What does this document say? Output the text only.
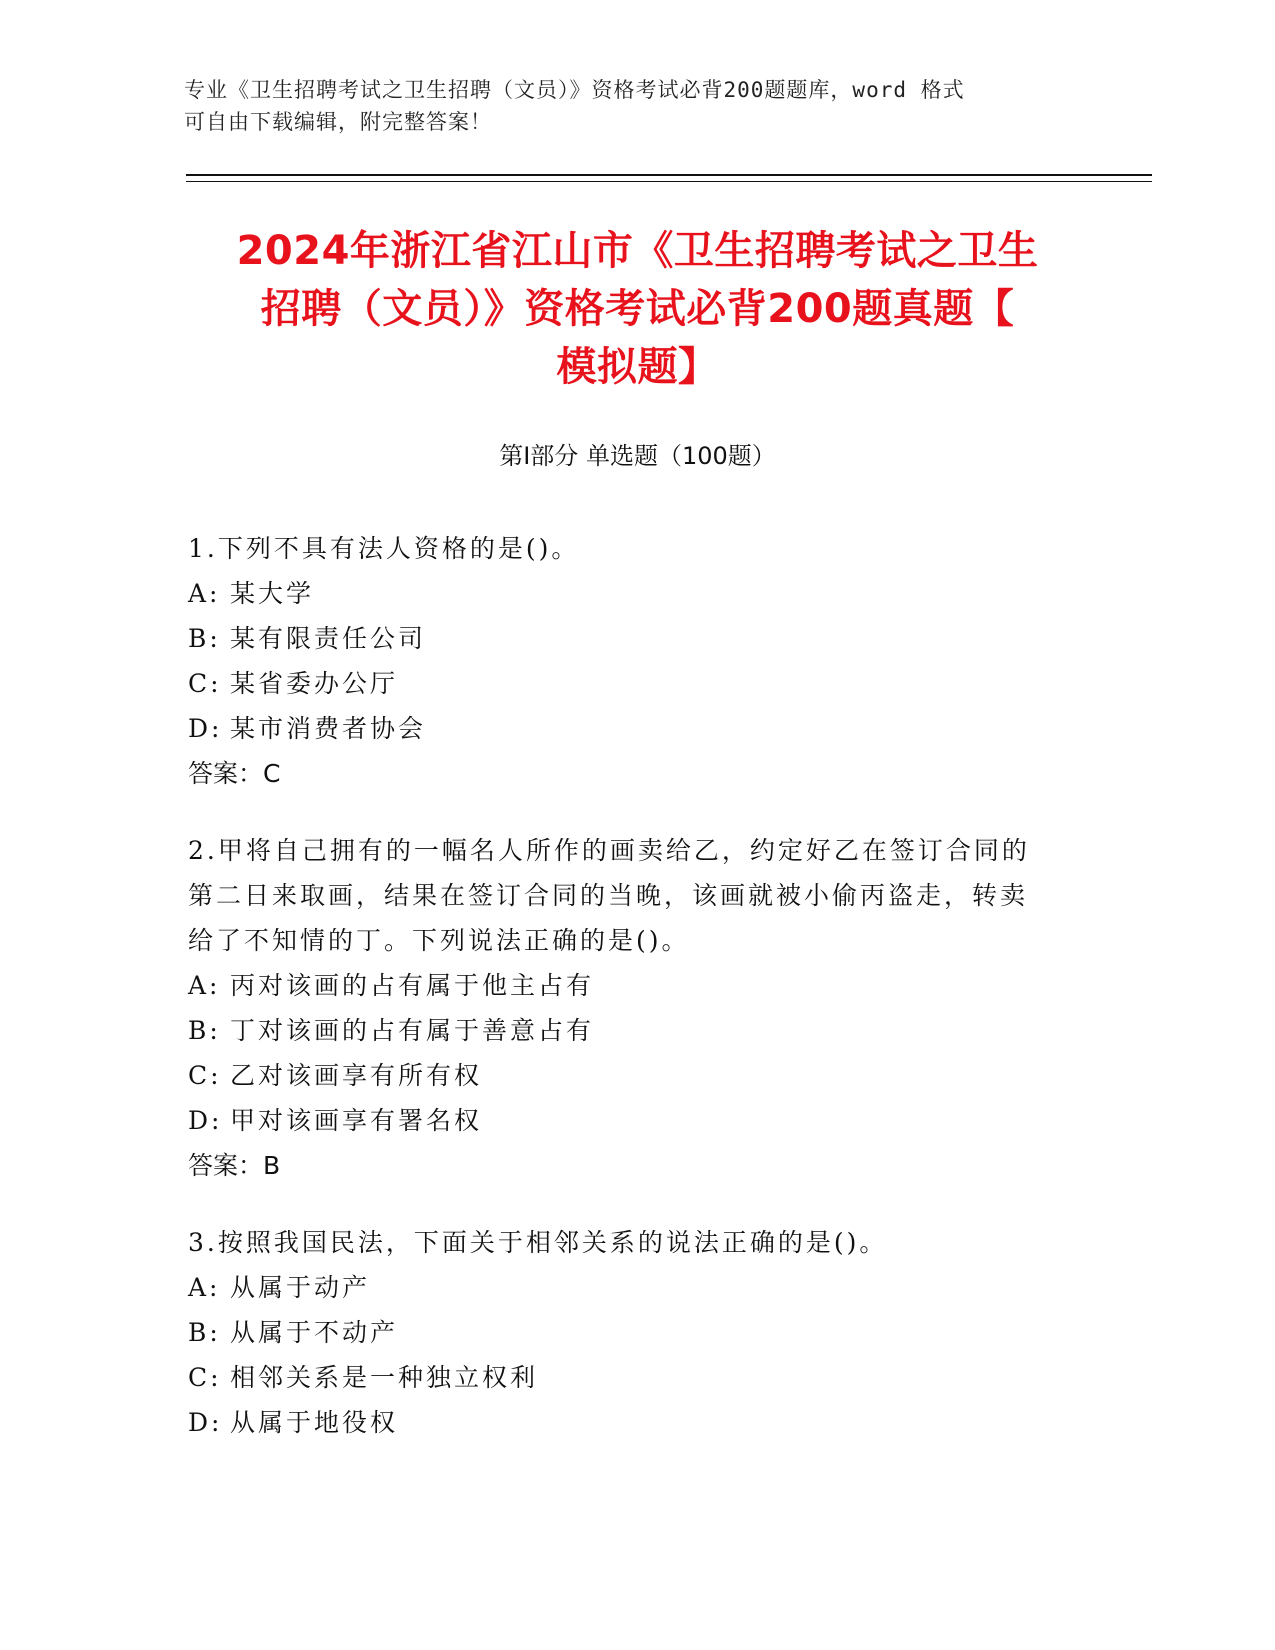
专业《卫生招聘考试之卫生招聘（文员）》资格考试必背200题题库，word 格式
可自由下载编辑，附完整答案！
2024年浙江省江山市《卫生招聘考试之卫生
招聘（文员）》资格考试必背200题真题【
模拟题】
第Ⅰ部分 单选题（100题）
1.下列不具有法人资格的是()。
A: 某大学
B: 某有限责任公司
C: 某省委办公厅
D: 某市消费者协会
答案：C
2.甲将自己拥有的一幅名人所作的画卖给乙，约定好乙在签订合同的
第二日来取画，结果在签订合同的当晚，该画就被小偷丙盗走，转卖
给了不知情的丁。下列说法正确的是()。
A: 丙对该画的占有属于他主占有
B: 丁对该画的占有属于善意占有
C: 乙对该画享有所有权
D: 甲对该画享有署名权
答案：B
3.按照我国民法，下面关于相邻关系的说法正确的是()。
A: 从属于动产
B: 从属于不动产
C: 相邻关系是一种独立权利
D: 从属于地役权
